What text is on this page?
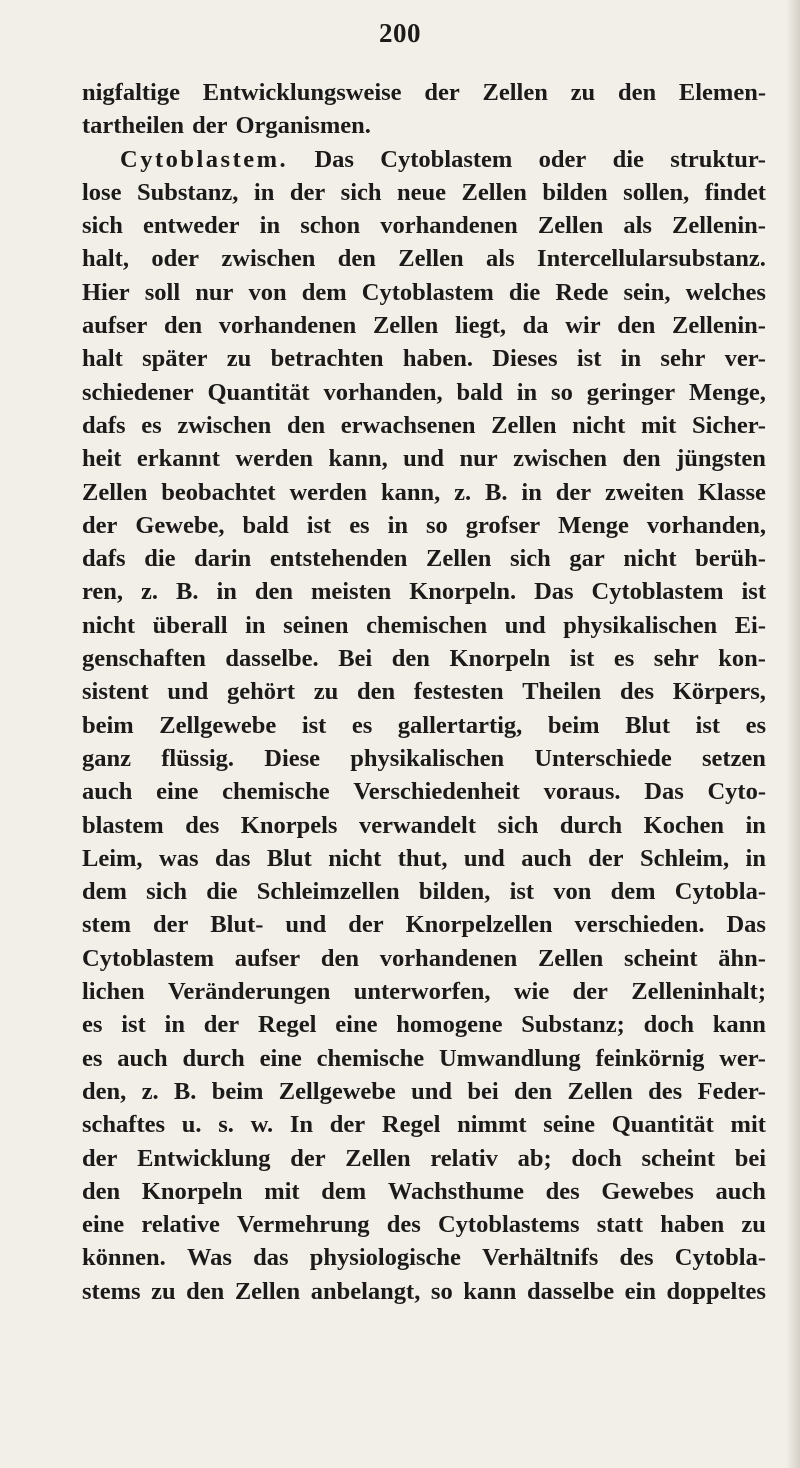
200
nigfaltige Entwicklungsweise der Zellen zu den Elemen-
tartheilen der Organismen.
Cytoblastem. Das Cytoblastem oder die struktur-
lose Substanz, in der sich neue Zellen bilden sollen, findet
sich entweder in schon vorhandenen Zellen als Zellenin-
halt, oder zwischen den Zellen als Intercellularsubstanz.
Hier soll nur von dem Cytoblastem die Rede sein, welches
aufser den vorhandenen Zellen liegt, da wir den Zellenin-
halt später zu betrachten haben. Dieses ist in sehr ver-
schiedener Quantität vorhanden, bald in so geringer Menge,
dafs es zwischen den erwachsenen Zellen nicht mit Sicher-
heit erkannt werden kann, und nur zwischen den jüngsten
Zellen beobachtet werden kann, z. B. in der zweiten Klasse
der Gewebe, bald ist es in so grofser Menge vorhanden,
dafs die darin entstehenden Zellen sich gar nicht berüh-
ren, z. B. in den meisten Knorpeln. Das Cytoblastem ist
nicht überall in seinen chemischen und physikalischen Ei-
genschaften dasselbe. Bei den Knorpeln ist es sehr kon-
sistent und gehört zu den festesten Theilen des Körpers,
beim Zellgewebe ist es gallertartig, beim Blut ist es
ganz flüssig. Diese physikalischen Unterschiede setzen
auch eine chemische Verschiedenheit voraus. Das Cyto-
blastem des Knorpels verwandelt sich durch Kochen in
Leim, was das Blut nicht thut, und auch der Schleim, in
dem sich die Schleimzellen bilden, ist von dem Cytobla-
stem der Blut- und der Knorpelzellen verschieden. Das
Cytoblastem aufser den vorhandenen Zellen scheint ähn-
lichen Veränderungen unterworfen, wie der Zelleninhalt;
es ist in der Regel eine homogene Substanz; doch kann
es auch durch eine chemische Umwandlung feinkörnig wer-
den, z. B. beim Zellgewebe und bei den Zellen des Feder-
schaftes u. s. w. In der Regel nimmt seine Quantität mit
der Entwicklung der Zellen relativ ab; doch scheint bei
den Knorpeln mit dem Wachsthume des Gewebes auch
eine relative Vermehrung des Cytoblastems statt haben zu
können. Was das physiologische Verhältnifs des Cytobla-
stems zu den Zellen anbelangt, so kann dasselbe ein doppeltes
